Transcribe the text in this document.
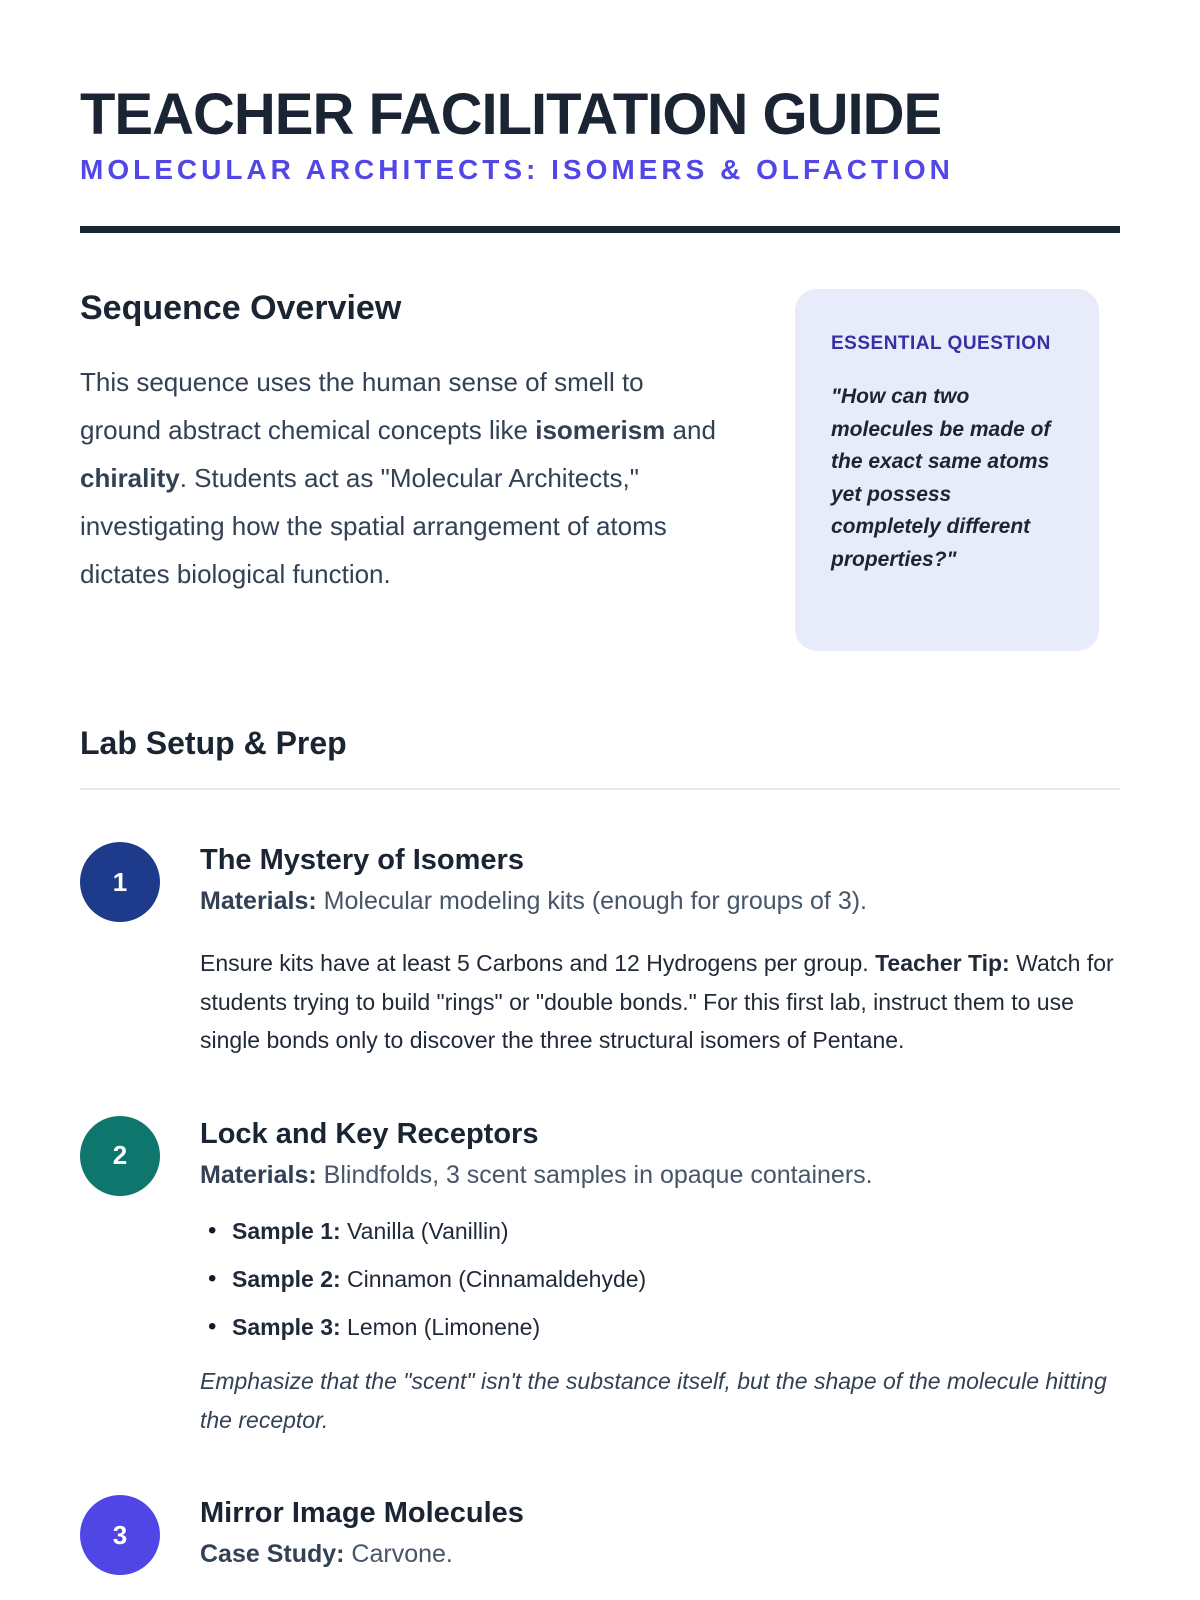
TEACHER FACILITATION GUIDE
MOLECULAR ARCHITECTS: ISOMERS & OLFACTION
Sequence Overview

This sequence uses the human sense of smell to ground abstract chemical concepts like isomerism and chirality. Students act as "Molecular Architects," investigating how the spatial arrangement of atoms dictates biological function.

ESSENTIAL QUESTION
"How can two molecules be made of the exact same atoms yet possess completely different properties?"
Lab Setup & Prep
1
The Mystery of Isomers
Materials: Molecular modeling kits (enough for groups of 3).

Ensure kits have at least 5 Carbons and 12 Hydrogens per group. Teacher Tip: Watch for students trying to build "rings" or "double bonds." For this first lab, instruct them to use single bonds only to discover the three structural isomers of Pentane.

2
Lock and Key Receptors
Materials: Blindfolds, 3 scent samples in opaque containers.
• Sample 1: Vanilla (Vanillin)
• Sample 2: Cinnamon (Cinnamaldehyde)
• Sample 3: Lemon (Limonene)

Emphasize that the "scent" isn't the substance itself, but the shape of the molecule hitting the receptor.

3
Mirror Image Molecules
Case Study: Carvone.
